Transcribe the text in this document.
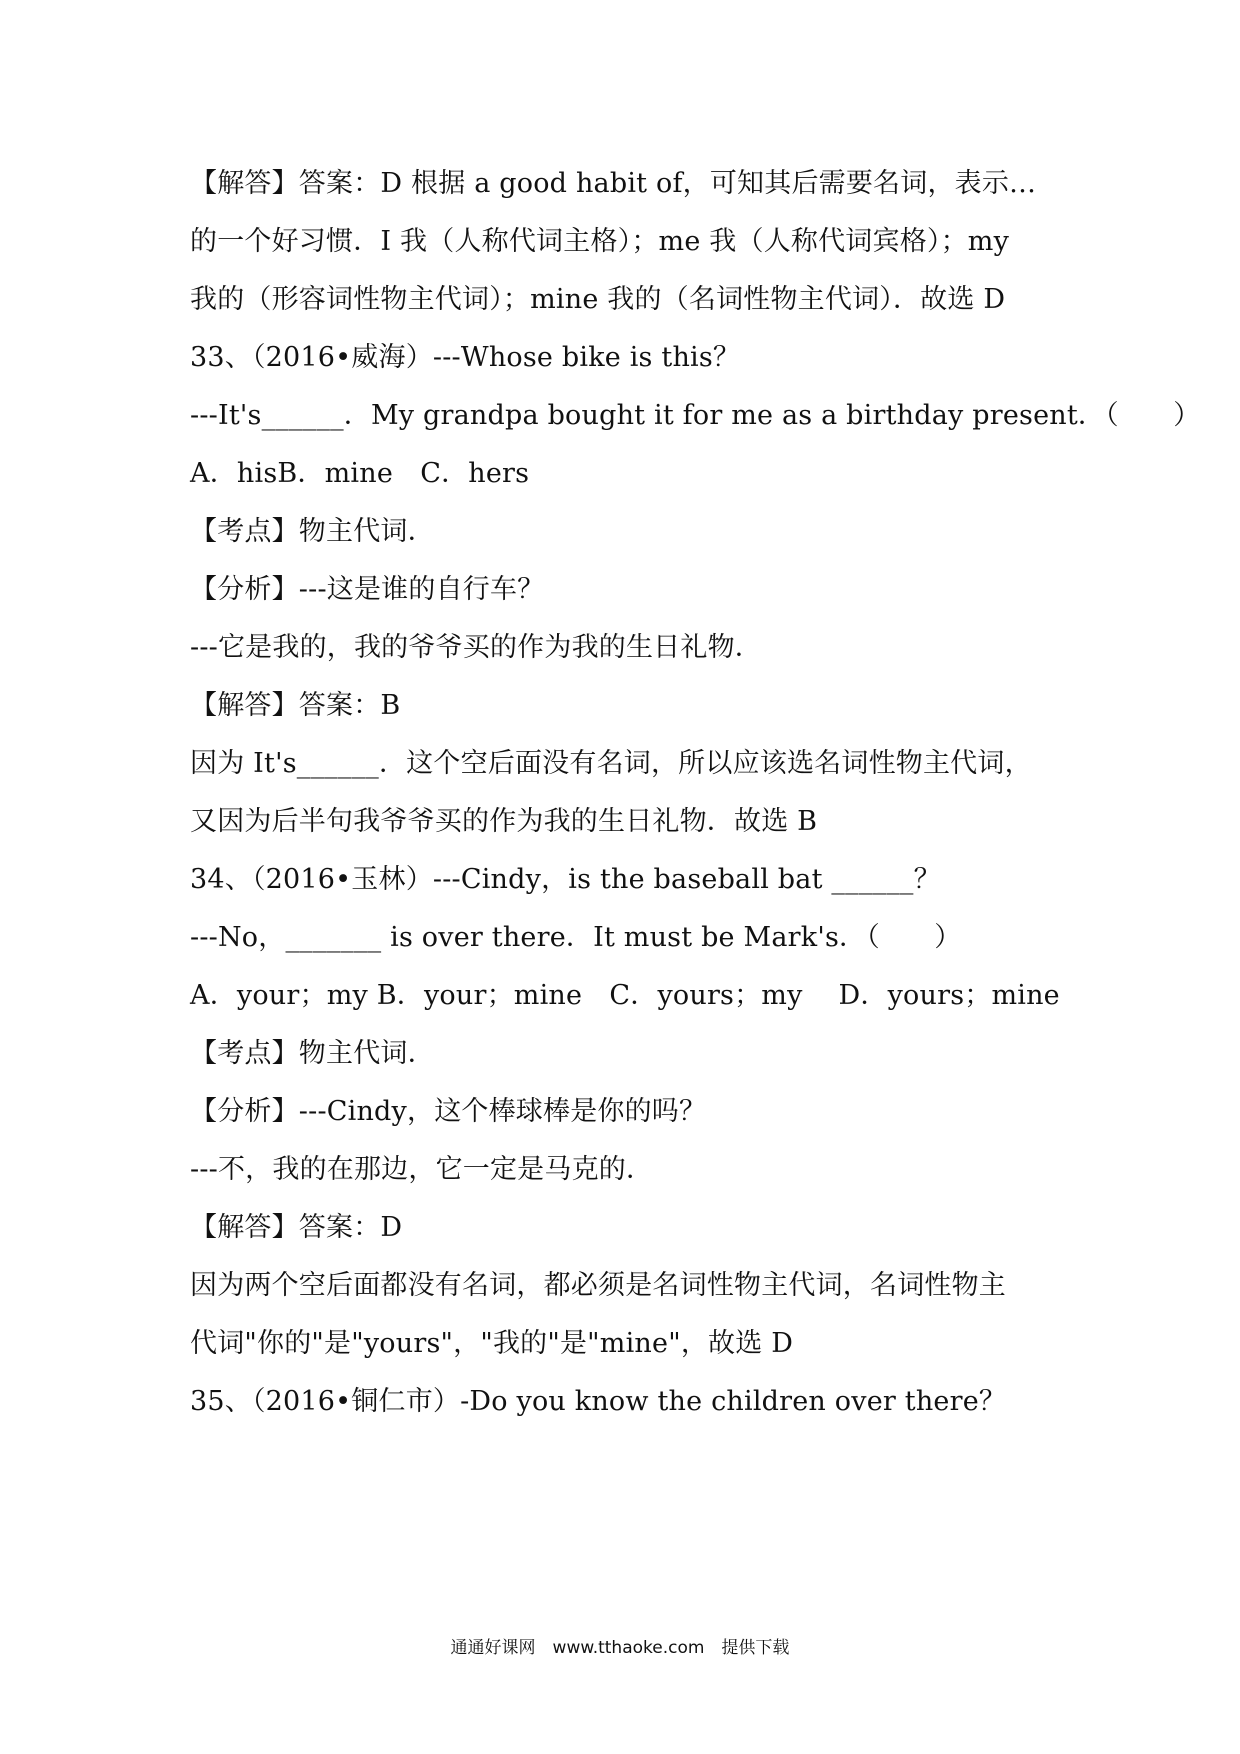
【解答】答案：D 根据 a good habit of，可知其后需要名词，表示…
的一个好习惯．I 我（人称代词主格）；me 我（人称代词宾格）；my
我的（形容词性物主代词）；mine 我的（名词性物主代词）．故选 D
33、（2016•威海）---Whose bike is this？
---It's______．My grandpa bought it for me as a birthday present．（　　）
A．hisB．mine　C．hers
【考点】物主代词．
【分析】---这是谁的自行车？
---它是我的，我的爷爷买的作为我的生日礼物．
【解答】答案：B
因为 It's______．这个空后面没有名词，所以应该选名词性物主代词，
又因为后半句我爷爷买的作为我的生日礼物．故选 B
34、（2016•玉林）---Cindy，is the baseball bat ______？
---No，_______ is over there．It must be Mark's．（　　）
A．your；my B．your；mine　C．yours；my　 D．yours；mine
【考点】物主代词．
【分析】---Cindy，这个棒球棒是你的吗？
---不，我的在那边，它一定是马克的．
【解答】答案：D
因为两个空后面都没有名词，都必须是名词性物主代词，名词性物主
代词"你的"是"yours"，"我的"是"mine"，故选 D
35、（2016•铜仁市）-Do you know the children over there？
通通好课网　www.tthaoke.com　提供下载
